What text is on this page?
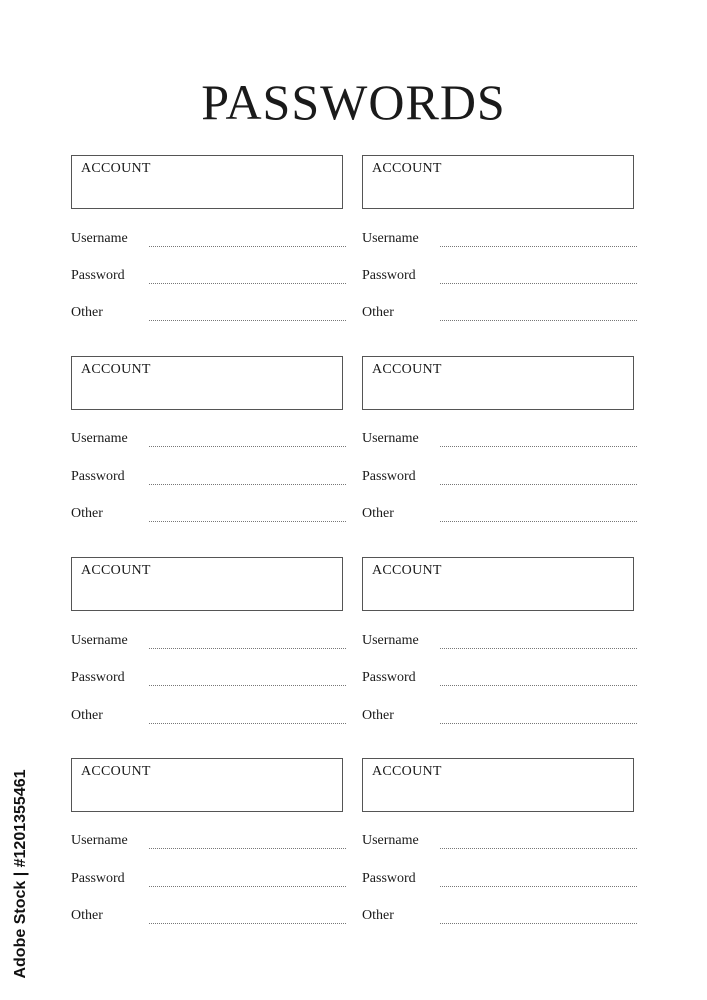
PASSWORDS
ACCOUNT
Username
Password
Other
ACCOUNT
Username
Password
Other
ACCOUNT
Username
Password
Other
ACCOUNT
Username
Password
Other
ACCOUNT
Username
Password
Other
ACCOUNT
Username
Password
Other
ACCOUNT
Username
Password
Other
ACCOUNT
Username
Password
Other
Adobe Stock | #1201355461
